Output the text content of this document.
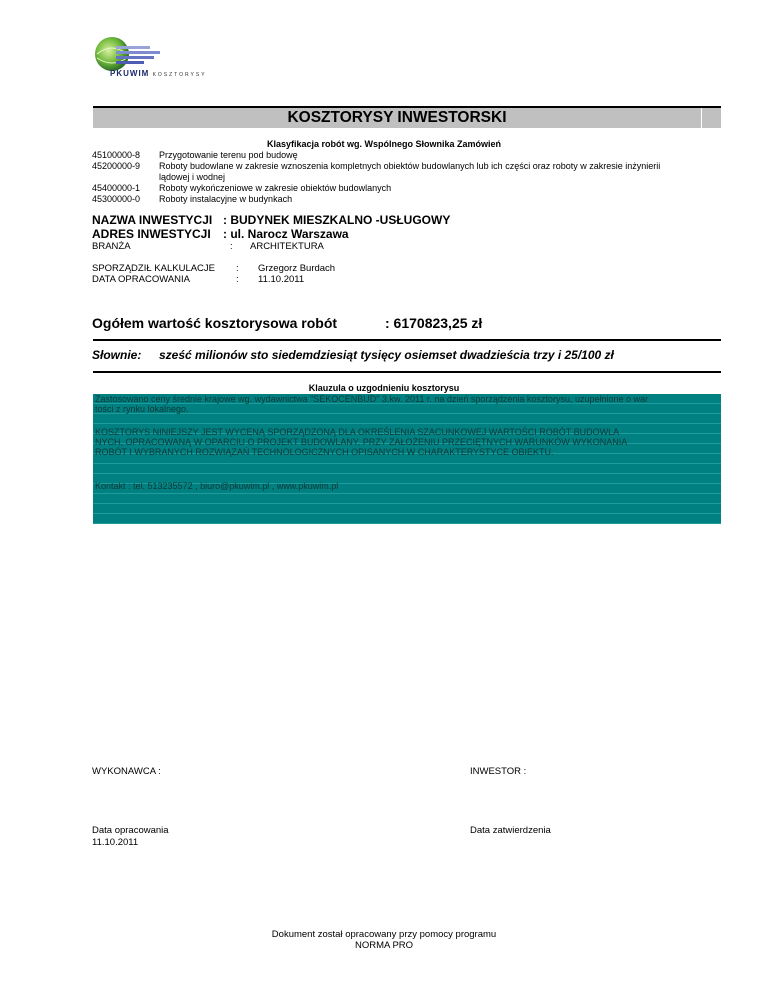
PKUWIM KOSZTORYSY
KOSZTORYSY INWESTORSKI
Klasyfikacja robót wg. Wspólnego Słownika Zamówień
45100000-8 Przygotowanie terenu pod budowę
45200000-9 Roboty budowlane w zakresie wznoszenia kompletnych obiektów budowlanych lub ich części oraz roboty w zakresie inżynierii
lądowej i wodnej
45400000-1 Roboty wykończeniowe w zakresie obiektów budowlanych
45300000-0 Roboty instalacyjne w budynkach
NAZWA INWESTYCJI : BUDYNEK MIESZKALNO -USŁUGOWY
ADRES INWESTYCJI : ul. Narocz Warszawa
BRANŻA	: ARCHITEKTURA
SPORZĄDZIŁ KALKULACJE : Grzegorz Burdach
DATA OPRACOWANIA	: 11.10.2011
Ogółem wartość kosztorysowa robót	: 6170823,25 zł
Słownie: sześć milionów sto siedemdziesiąt tysięcy osiemset dwadzieścia trzy i 25/100 zł
Klauzula o uzgodnieniu kosztorysu
Zastosowano ceny średnie krajowe wg. wydawnictwa "SEKOCENBUD" 3.kw. 2011 r. na dzień sporządzenia kosztorysu, uzupełnione o war
tości z rynku lokalnego.
KOSZTORYS NINIEJSZY JEST WYCENĄ SPORZĄDZONĄ DLA OKREŚLENIA SZACUNKOWEJ WARTOŚCI ROBÓT BUDOWLA
NYCH, OPRACOWANĄ W OPARCIU O PROJEKT BUDOWLANY, PRZY ZAŁOŻENIU PRZECIĘTNYCH WARUNKÓW WYKONANIA
ROBÓT I WYBRANYCH ROZWIĄZAŃ TECHNOLOGICZNYCH OPISANYCH W CHARAKTERYSTYCE OBIEKTU.
Kontakt : tel. 513235572 , biuro@pkuwim.pl , www.pkuwim.pl
WYKONAWCA :	INWESTOR :
Data opracowania
11.10.2011
Data zatwierdzenia
Dokument został opracowany przy pomocy programu
NORMA PRO
